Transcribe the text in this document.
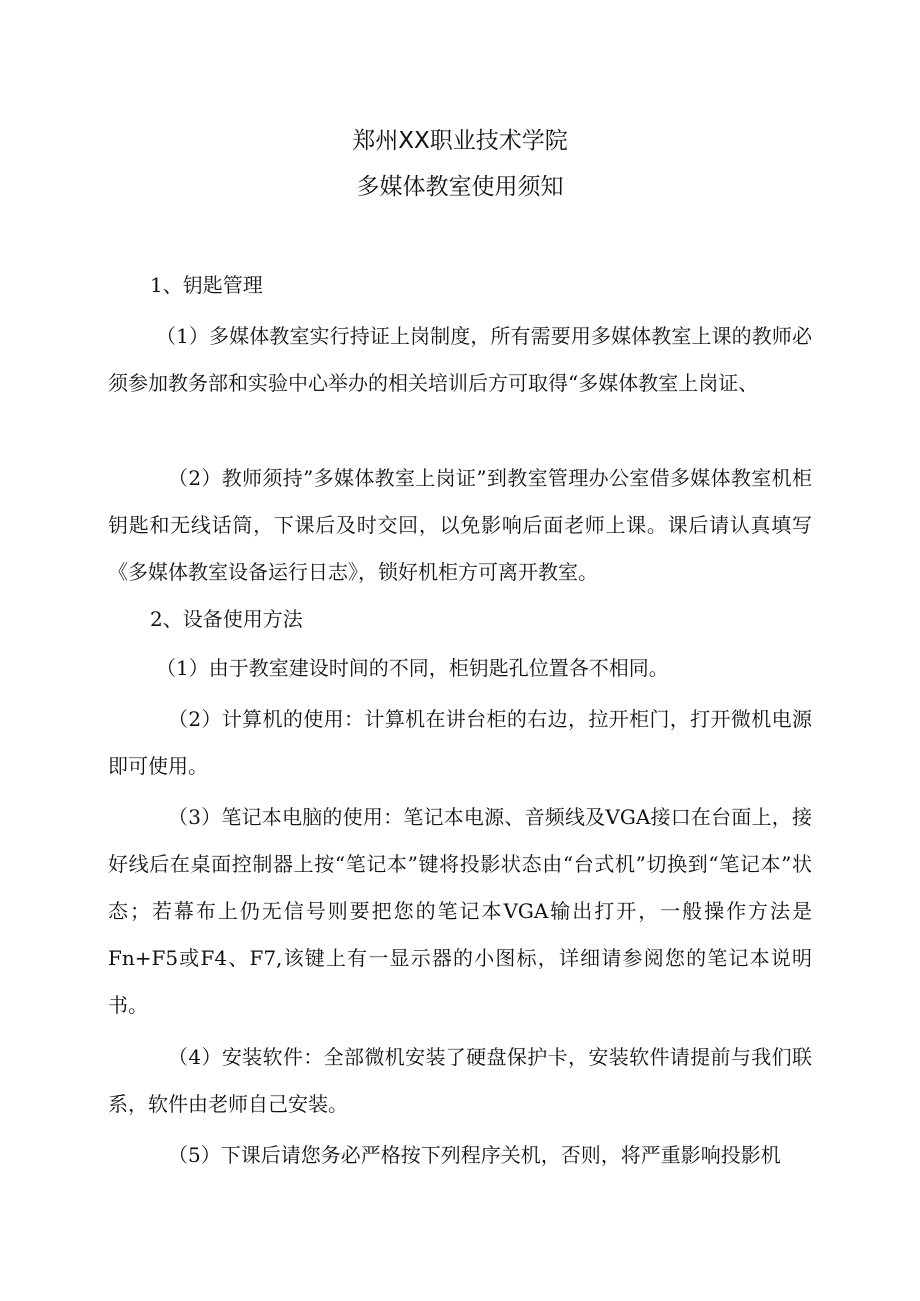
郑州XX职业技术学院
多媒体教室使用须知
1、钥匙管理

（1）多媒体教室实行持证上岗制度，所有需要用多媒体教室上课的教师必须参加教务部和实验中心举办的相关培训后方可取得“多媒体教室上岗证、

（2）教师须持”多媒体教室上岗证”到教室管理办公室借多媒体教室机柜钥匙和无线话筒，下课后及时交回，以免影响后面老师上课。课后请认真填写《多媒体教室设备运行日志》，锁好机柜方可离开教室。

2、设备使用方法

（1）由于教室建设时间的不同，柜钥匙孔位置各不相同。

（2）计算机的使用：计算机在讲台柜的右边，拉开柜门，打开微机电源即可使用。

（3）笔记本电脑的使用：笔记本电源、音频线及VGA接口在台面上，接好线后在桌面控制器上按“笔记本”键将投影状态由“台式机”切换到“笔记本”状态；若幕布上仍无信号则要把您的笔记本VGA输出打开，一般操作方法是Fn+F5或F4、F7,该键上有一显示器的小图标，详细请参阅您的笔记本说明书。

（4）安装软件：全部微机安装了硬盘保护卡，安装软件请提前与我们联系，软件由老师自己安装。

（5）下课后请您务必严格按下列程序关机，否则，将严重影响投影机
